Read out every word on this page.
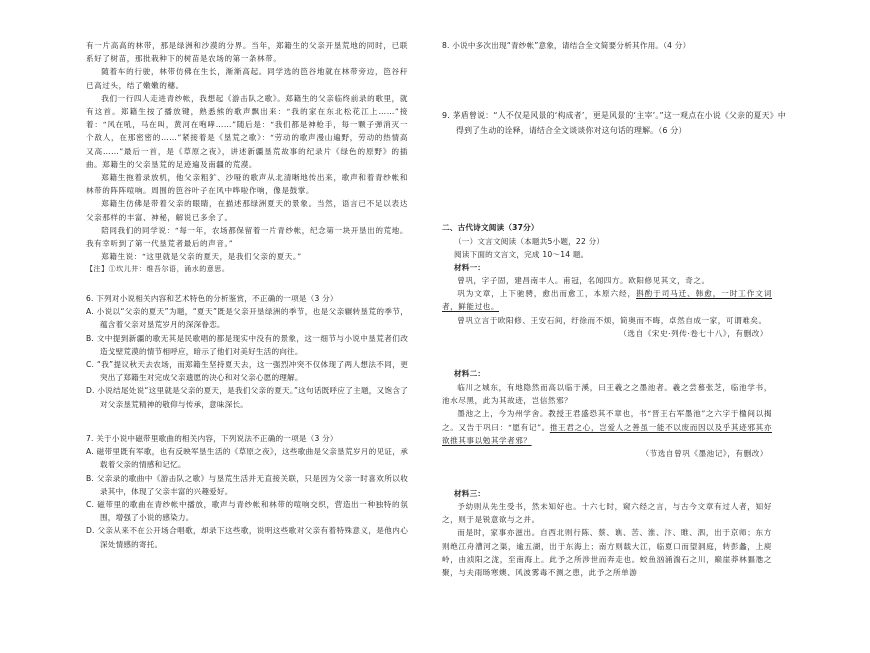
有一片高高的林带，那是绿洲和沙漠的分界。当年，郑籍生的父亲开垦荒地的同时，已联系好了树苗，那批栽种下的树苗是农场的第一条林带。

随着车的行驶，林带仿佛在生长，渐渐高起。同学选的笆谷地就在林带旁边，笆谷秆已高过头，结了嫩嫩的穗。

我们一行四人走进青纱帐，我想起《游击队之歌》。郑籍生的父亲临终前录的歌里，就有这首。郑籍生按了播放键，熟悉熊的歌声飘出来：“我的家在东北松花江上……”接着：“风在吼，马在叫，黄河在咆哮……”随后是：“我们都是神枪手，每一颗子弹消灭一个敌人，在那密密的……”紧接着是《垦荒之歌》：“劳动的歌声漫山遍野，劳动的热情高又高……”最后一首，是《草原之夜》，讲述新疆垦荒故事的纪录片《绿色的原野》的插曲。郑籍生的父亲垦荒的足迹遍及南疆的荒漠。

郑籍生拖着录放机，他父亲粗犷、沙哑的歌声从北清晰地传出来，歌声和着青纱帐和林带的阵阵喧响。周围的笆谷叶子在风中哗啦作响，像是鼓掌。

郑籍生仿佛是带着父亲的眼睛，在描述那绿洲夏天的景象。当然，语言已不足以表达父亲那样的丰富、神秘，解说已多余了。

陪同我们的同学说：“每一年，农场都保留着一片青纱帐，纪念第一块开垦出的荒地。我有幸听到了第一代垦荒者最后的声音。”

郑籍生说：“这里就是父亲的夏天，是我们父亲的夏天。”

【注】①坎儿井：维吾尔语，涌水的意思。

6. 下列对小说相关内容和艺术特色的分析鉴赏，不正确的一项是（3 分）

A. 小说以“父亲的夏天”为题，“夏天”既是父亲开垦绿洲的季节，也是父亲辗转垦荒的季节，蕴含着父亲对垦荒岁月的深深眷恋。

B. 文中提到新疆的歌无其是民歌唱的都是现实中没有的景象，这一细节与小说中垦荒者们改造戈壁荒漠的情节相呼应，暗示了他们对美好生活的向往。

C. “我”提议秋天去农场，而郑籍生坚持夏天去，这一强烈冲突不仅体现了两人想法不同，更突出了郑籍生对完成父亲遗愿的决心和对父亲心愿的理解。

D. 小说结尾处说“这里就是父亲的夏天，是我们父亲的夏天。”这句话既呼应了主题，又饱含了对父亲垦荒精神的敬仰与传承，意味深长。

7. 关于小说中磁带里歌曲的相关内容，下列说法不正确的一项是（3 分）

A. 磁带里既有军歌，也有反映军垦生活的《草原之夜》，这些歌曲是父亲垦荒岁月的见证，承载着父亲的情感和记忆。

B. 父亲录的歌曲中《游击队之歌》与垦荒生活并无直接关联，只是因为父亲一时喜欢所以收录其中，体现了父亲丰富的兴趣爱好。

C. 磁带里的歌曲在青纱帐中播放，歌声与青纱帐和林带的喧响交织，营造出一种独特的氛围，增强了小说的感染力。

D. 父亲从来不在公开场合唱歌，却录下这些歌，说明这些歌对父亲有着特殊意义，是他内心深处情感的寄托。

8. 小说中多次出现“青纱帐”意象，请结合全文简要分析其作用。（4 分）

9. 茅盾曾说：“人不仅是风景的‘构成者’，更是风景的‘主宰’。”这一观点在小说《父亲的夏天》中得到了生动的诠释，请结合全文谈谈你对这句话的理解。（6 分）

二、古代诗文阅读（37分）

（一）文言文阅读（本题共5小题，22 分）

阅读下面的文言文，完成 10～14 题。

材料一：

曾巩，字子固，建昌南丰人。甫冠，名闻四方。欧阳修见其文，奇之。

巩为文章，上下驰骋，愈出而愈工，本原六经，斟酌于司马迁、韩愈，一时工作文词者，鲜能过也。

曾巩立言于欧阳修、王安石间，纡徐而不烦，简奥而不晦，卓然自成一家，可谓难矣。

（选自《宋史·列传·卷七十八》，有删改）

材料二：

临川之城东，有地隐然而高以临于溪，曰王羲之之墨池者。羲之尝慕张芝，临池学书，池水尽黑，此为其故迹，岂信然邪？

墨池之上，今为州学舍。教授王君盛恐其不章也，书“晋王右军墨池”之六字于楹间以揭之。又告于巩曰：“愿有记”。推王君之心，岂爱人之善虽一能不以废而因以及乎其迹邪其亦欲推其事以勉其学者邪？

（节选自曾巩《墨池记》，有删改）

材料三：

予幼则从先生受书，然未知好也。十六七时，窥六经之言，与古今文章有过人者，知好之，则于是锐意欲与之并。

而是时，家事亦滋出。自西北则行陈、蔡、谯、苦、淮、汴、睢、泗，出于京师；东方则绝江舟漕河之渠，逾五湖，出于东海上；南方则载大江，临夏口而望洞庭，转彭蠡，上庾岭，由浈阳之泷，至南海上。此予之所涉世而奔走也。蛟鱼汹涌湍石之川，巅崖莽林貙虺之聚，与夫雨旸寒燠、风波雾毒不测之患，此予之所单游
